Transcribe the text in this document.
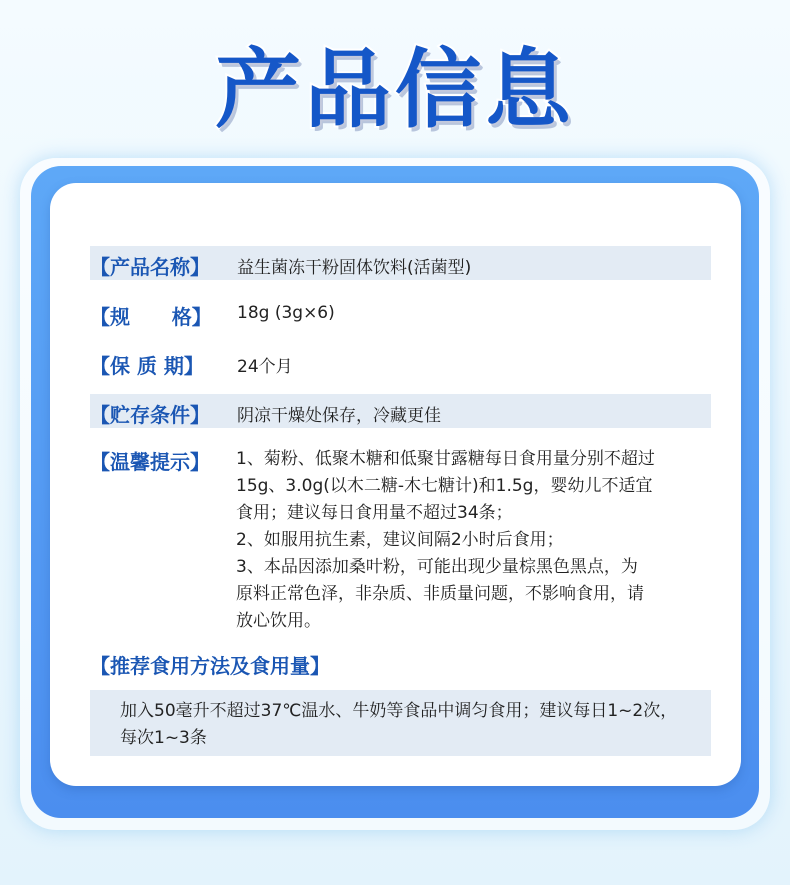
产品信息
【产品名称】 益生菌冻干粉固体饮料(活菌型)
【规      格】 18g (3g×6)
【保 质 期】 24个月
【贮存条件】 阴凉干燥处保存，冷藏更佳
【温馨提示】 1、菊粉、低聚木糖和低聚甘露糖每日食用量分别不超过
15g、3.0g(以木二糖-木七糖计)和1.5g，婴幼儿不适宜
食用；建议每日食用量不超过34条；
2、如服用抗生素，建议间隔2小时后食用；
3、本品因添加桑叶粉，可能出现少量棕黑色黑点，为
原料正常色泽，非杂质、非质量问题，不影响食用，请
放心饮用。
【推荐食用方法及食用量】
加入50毫升不超过37℃温水、牛奶等食品中调匀食用；建议每日1~2次，
每次1~3条
